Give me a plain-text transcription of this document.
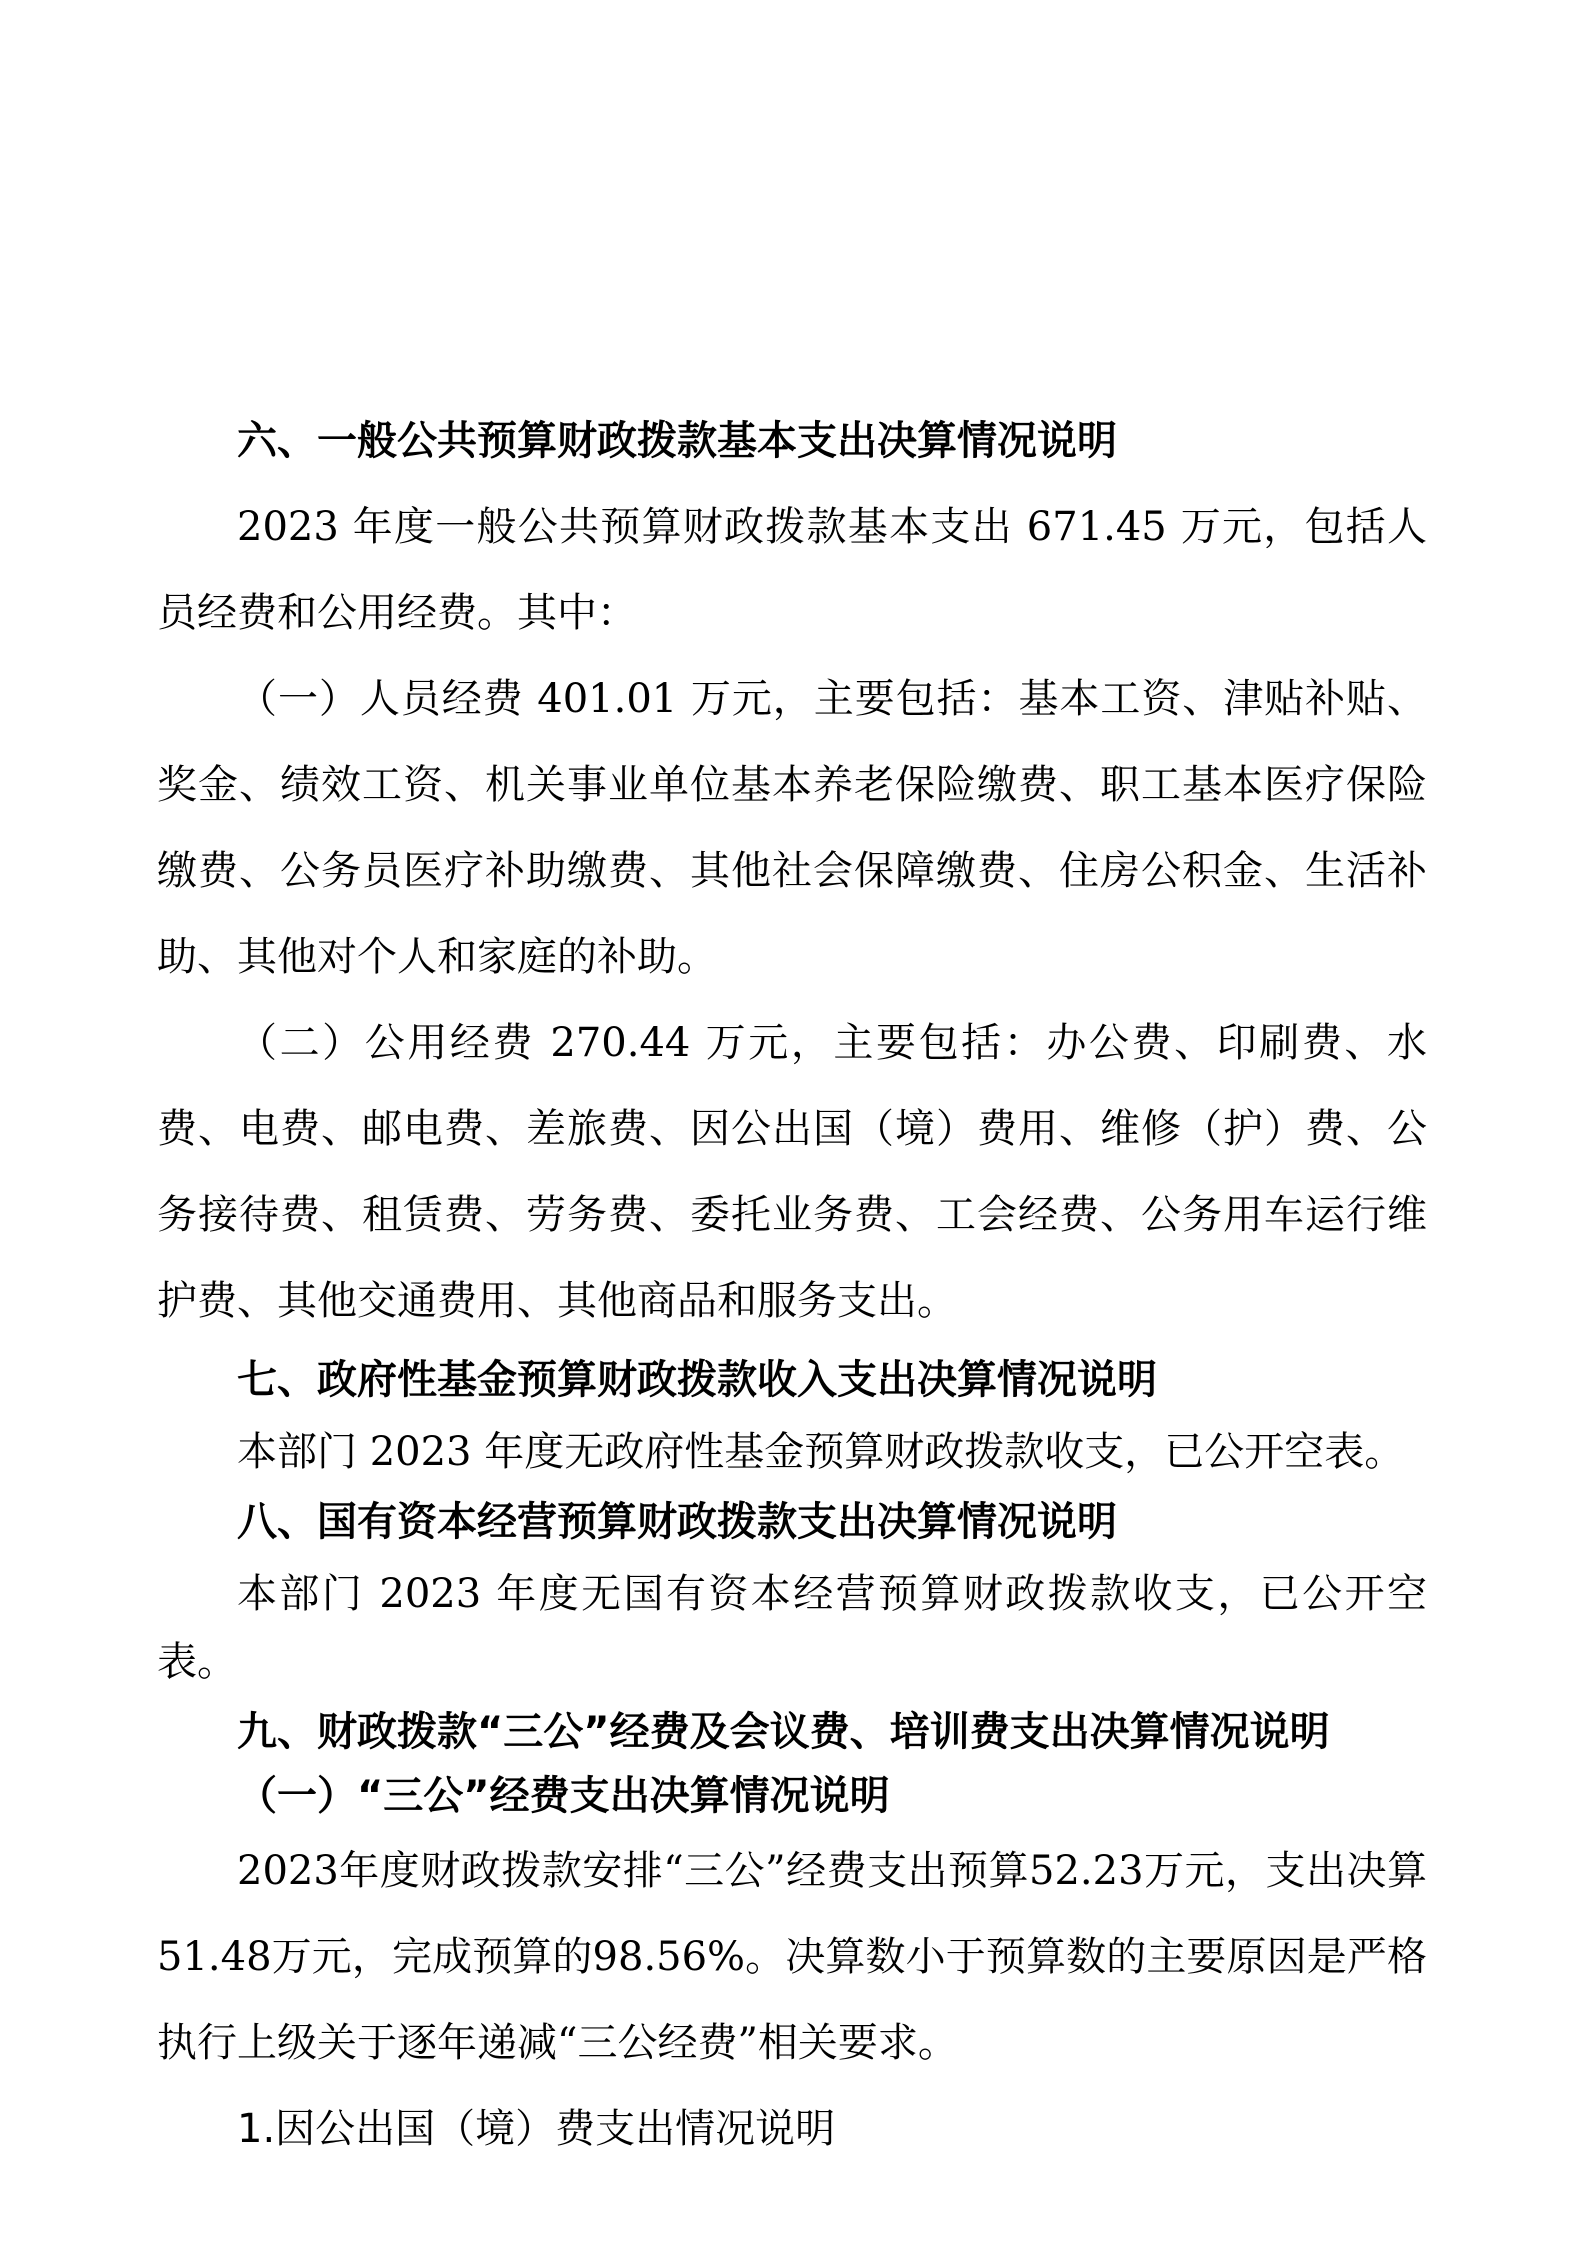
六、一般公共预算财政拨款基本支出决算情况说明

2023 年度一般公共预算财政拨款基本支出 671.45 万元，包括人员经费和公用经费。其中：

（一）人员经费 401.01 万元，主要包括：基本工资、津贴补贴、奖金、绩效工资、机关事业单位基本养老保险缴费、职工基本医疗保险缴费、公务员医疗补助缴费、其他社会保障缴费、住房公积金、生活补助、其他对个人和家庭的补助。

（二）公用经费 270.44 万元，主要包括：办公费、印刷费、水费、电费、邮电费、差旅费、因公出国（境）费用、维修（护）费、公务接待费、租赁费、劳务费、委托业务费、工会经费、公务用车运行维护费、其他交通费用、其他商品和服务支出。

七、政府性基金预算财政拨款收入支出决算情况说明

本部门 2023 年度无政府性基金预算财政拨款收支，已公开空表。

八、国有资本经营预算财政拨款支出决算情况说明

本部门 2023 年度无国有资本经营预算财政拨款收支，已公开空表。

九、财政拨款“三公”经费及会议费、培训费支出决算情况说明
（一）“三公”经费支出决算情况说明

2023年度财政拨款安排“三公”经费支出预算52.23万元，支出决算51.48万元，完成预算的98.56%。决算数小于预算数的主要原因是严格执行上级关于逐年递减“三公经费”相关要求。

1.因公出国（境）费支出情况说明
